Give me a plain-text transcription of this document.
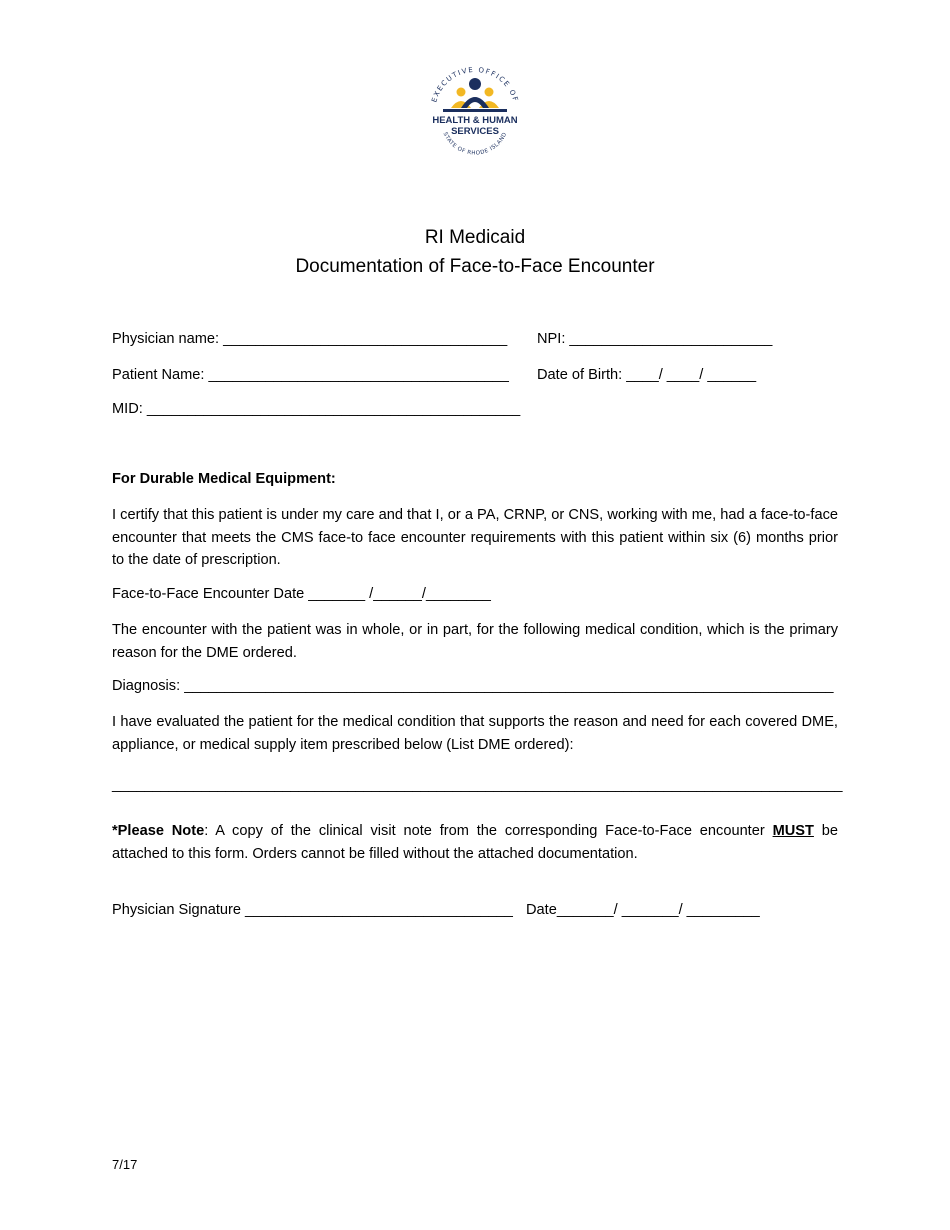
EXECUTIVE OFFICE OF
HEALTH & HUMAN
SERVICES
STATE OF RHODE ISLAND
RI Medicaid
Documentation of Face-to-Face Encounter
Physician name: ___________________________________ NPI: _________________________
Patient Name: _____________________________________ Date of Birth: ____/ ____/ ______
MID: ______________________________________________
For Durable Medical Equipment:
I certify that this patient is under my care and that I, or a PA, CRNP, or CNS, working with me, had a face-to-face encounter that meets the CMS face-to face encounter requirements with this patient within six (6) months prior to the date of prescription.
Face-to-Face Encounter Date _______ /______/________
The encounter with the patient was in whole, or in part, for the following medical condition, which is the primary reason for the DME ordered.
Diagnosis: ________________________________________________________________________________
I have evaluated the patient for the medical condition that supports the reason and need for each covered DME, appliance, or medical supply item prescribed below (List DME ordered):
__________________________________________________________________________________________
*Please Note: A copy of the clinical visit note from the corresponding Face-to-Face encounter MUST be attached to this form. Orders cannot be filled without the attached documentation.
Physician Signature _________________________________ Date_______/ _______/ _________
7/17
